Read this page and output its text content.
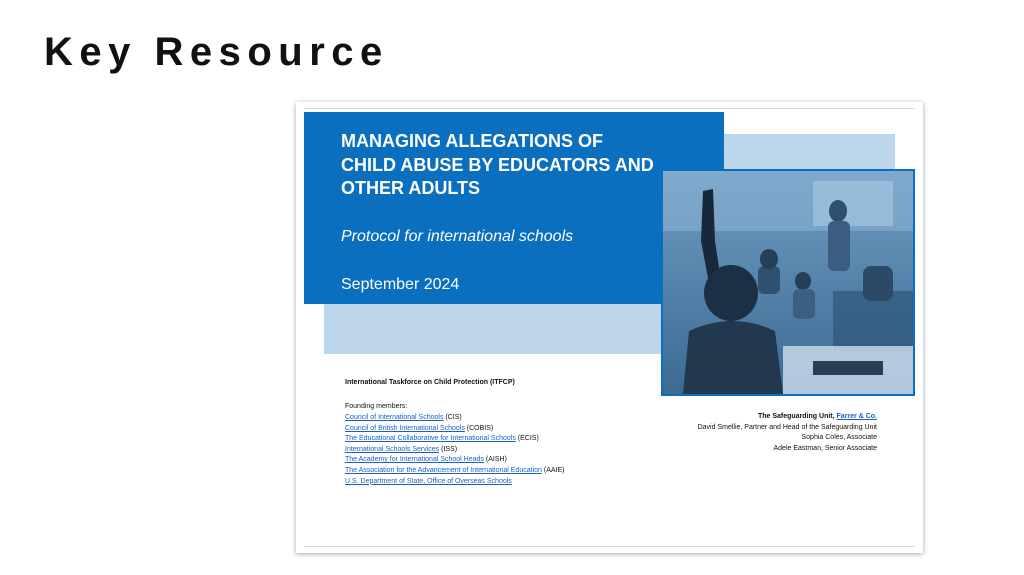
Key Resource
MANAGING ALLEGATIONS OF CHILD ABUSE BY EDUCATORS AND OTHER ADULTS
Protocol for international schools
September 2024
International Taskforce on Child Protection (ITFCP)
Founding members:
Council of International Schools (CIS)
Council of British International Schools (COBIS)
The Educational Collaborative for International Schools (ECIS)
International Schools Services (ISS)
The Academy for International School Heads (AISH)
The Association for the Advancement of International Education (AAIE)
U.S. Department of State, Office of Overseas Schools
The Safeguarding Unit, Farrer & Co.
David Smellie, Partner and Head of the Safeguarding Unit
Sophia Coles, Associate
Adele Eastman, Senior Associate
